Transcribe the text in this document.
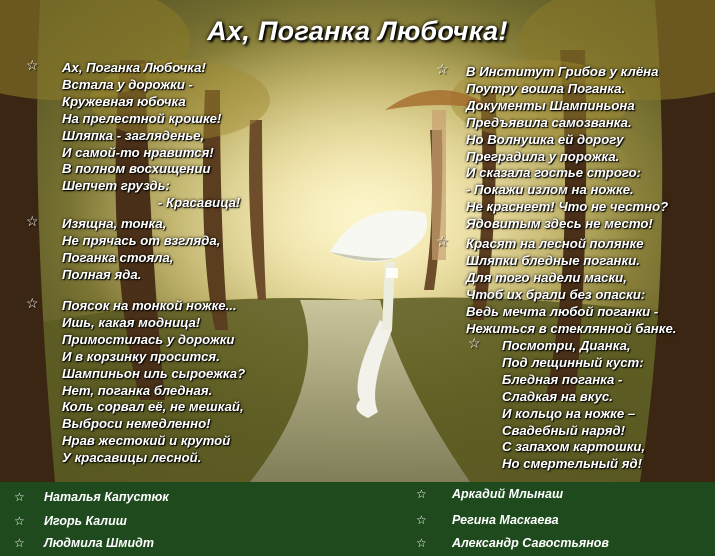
Ах, Поганка Любочка!
☆ Ах, Поганка Любочка!
Встала у дорожки -
Кружевная юбочка
На прелестной крошке!
Шляпка - загляденье,
И самой-то нравится!
В полном восхищении
Шепчет груздь:
- Красавица!
☆ Изящна, тонка,
Не прячась от взгляда,
Поганка стояла,
Полная яда.
☆ Поясок на тонкой ножке...
Ишь, какая модница!
Примостилась у дорожки
И в корзинку просится.
Шампиньон иль сыроежка?
Нет, поганка бледная.
Коль сорвал её, не мешкай,
Выброси немедленно!
Нрав жестокий и крутой
У красавицы лесной.
☆ В Институт Грибов у клёна
Поутру вошла Поганка.
Документы Шампиньона
Предъявила самозванка.
Но Волнушка ей дорогу
Преградила у порожка.
И сказала гостье строго:
- Покажи излом на ножке.
Не краснеет! Что не честно?
Ядовитым здесь не место!
☆ Красят на лесной полянке
Шляпки бледные поганки.
Для того надели маски,
Чтоб их брали без опаски:
Ведь мечта любой поганки -
Нежиться в стеклянной банке.
☆ Посмотри, Дианка,
Под лещинный куст:
Бледная поганка -
Сладкая на вкус.
И кольцо на ножке –
Свадебный наряд!
С запахом картошки,
Но смертельный яд!
☆ Наталья Капустюк
☆ Игорь Калиш
☆ Людмила Шмидт
☆ Аркадий Млынаш
☆ Регина Маскаева
☆ Александр Савостьянов
